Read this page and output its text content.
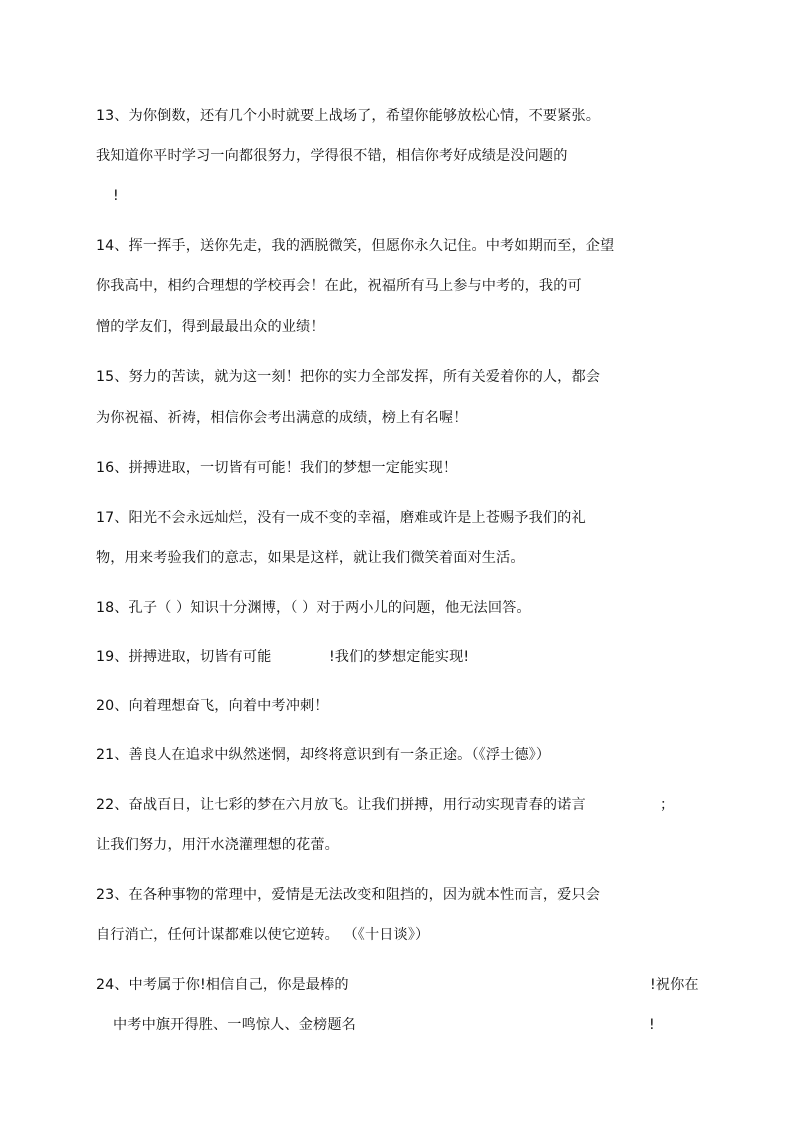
13、为你倒数，还有几个小时就要上战场了，希望你能够放松心情，不要紧张。
我知道你平时学习一向都很努力，学得很不错，相信你考好成绩是没问题的
!
14、挥一挥手，送你先走，我的洒脱微笑，但愿你永久记住。中考如期而至，企望
你我高中，相约合理想的学校再会！在此，祝福所有马上参与中考的，我的可
憎的学友们，得到最最出众的业绩！
15、努力的苦读，就为这一刻！把你的实力全部发挥，所有关爱着你的人，都会
为你祝福、祈祷，相信你会考出满意的成绩，榜上有名喔！
16、拼搏进取，一切皆有可能！我们的梦想一定能实现！
17、阳光不会永远灿烂，没有一成不变的幸福，磨难或许是上苍赐予我们的礼
物，用来考验我们的意志，如果是这样，就让我们微笑着面对生活。
18、孔子（ ）知识十分渊博，（ ）对于两小儿的问题，他无法回答。
19、拼搏进取，切皆有可能	!我们的梦想定能实现!
20、向着理想奋飞，向着中考冲刺！
21、善良人在追求中纵然迷惘，却终将意识到有一条正途。（《浮士德》）
22、奋战百日，让七彩的梦在六月放飞。让我们拼搏，用行动实现青春的诺言	；
让我们努力，用汗水浇灌理想的花蕾。
23、在各种事物的常理中，爱情是无法改变和阻挡的，因为就本性而言，爱只会
自行消亡，任何计谋都难以使它逆转。 （《十日谈》）
24、中考属于你!相信自己，你是最棒的	!祝你在
中考中旗开得胜、一鸣惊人、金榜题名	!
